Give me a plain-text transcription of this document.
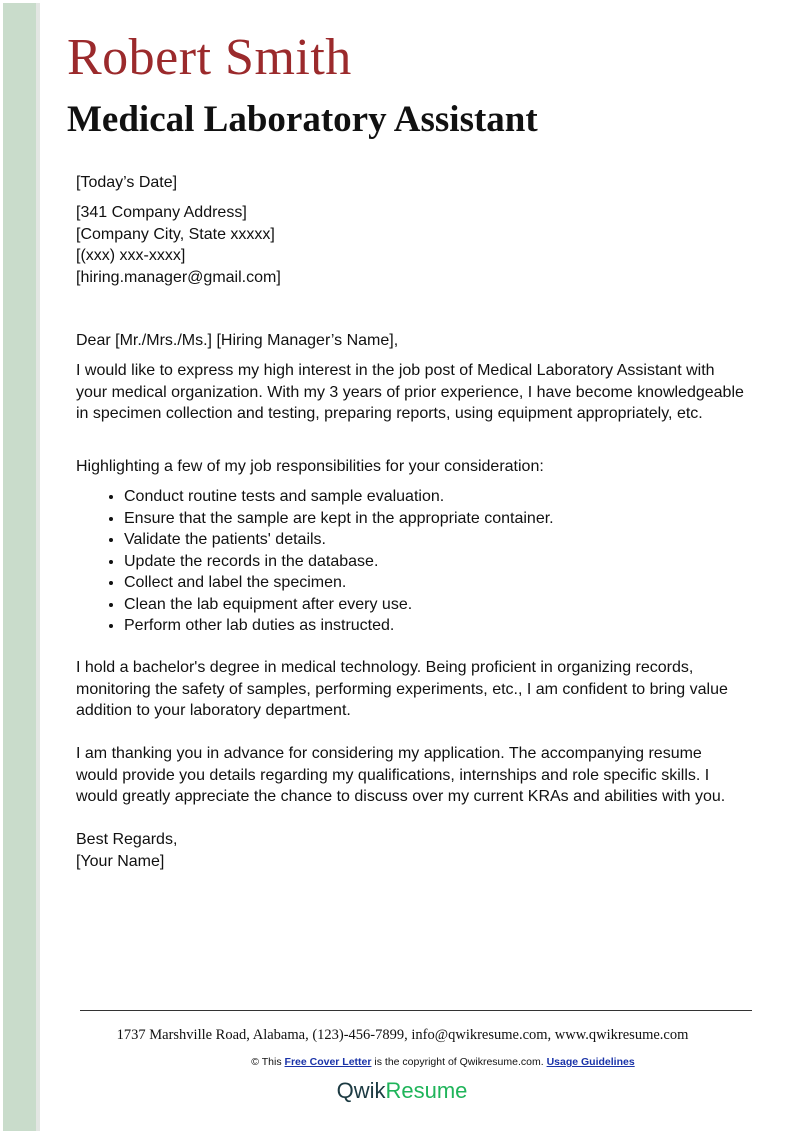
Robert Smith
Medical Laboratory Assistant
[Today’s Date]

[341 Company Address]

[Company City, State xxxxx]

[(xxx) xxx-xxxx]

[hiring.manager@gmail.com]

Dear [Mr./Mrs./Ms.] [Hiring Manager’s Name],
I would like to express my high interest in the job post of Medical Laboratory Assistant with your medical organization. With my 3 years of prior experience, I have become knowledgeable in specimen collection and testing, preparing reports, using equipment appropriately, etc.
Highlighting a few of my job responsibilities for your consideration:
• Conduct routine tests and sample evaluation.
• Ensure that the sample are kept in the appropriate container.
• Validate the patients' details.
• Update the records in the database.
• Collect and label the specimen.
• Clean the lab equipment after every use.
• Perform other lab duties as instructed.
I hold a bachelor's degree in medical technology. Being proficient in organizing records, monitoring the safety of samples, performing experiments, etc., I am confident to bring value addition to your laboratory department.
I am thanking you in advance for considering my application. The accompanying resume would provide you details regarding my qualifications, internships and role specific skills. I would greatly appreciate the chance to discuss over my current KRAs and abilities with you.

Best Regards,

[Your Name]

1737 Marshville Road, Alabama, (123)-456-7899, info@qwikresume.com, www.qwikresume.com
© This Free Cover Letter is the copyright of Qwikresume.com. Usage Guidelines
QwikResume
